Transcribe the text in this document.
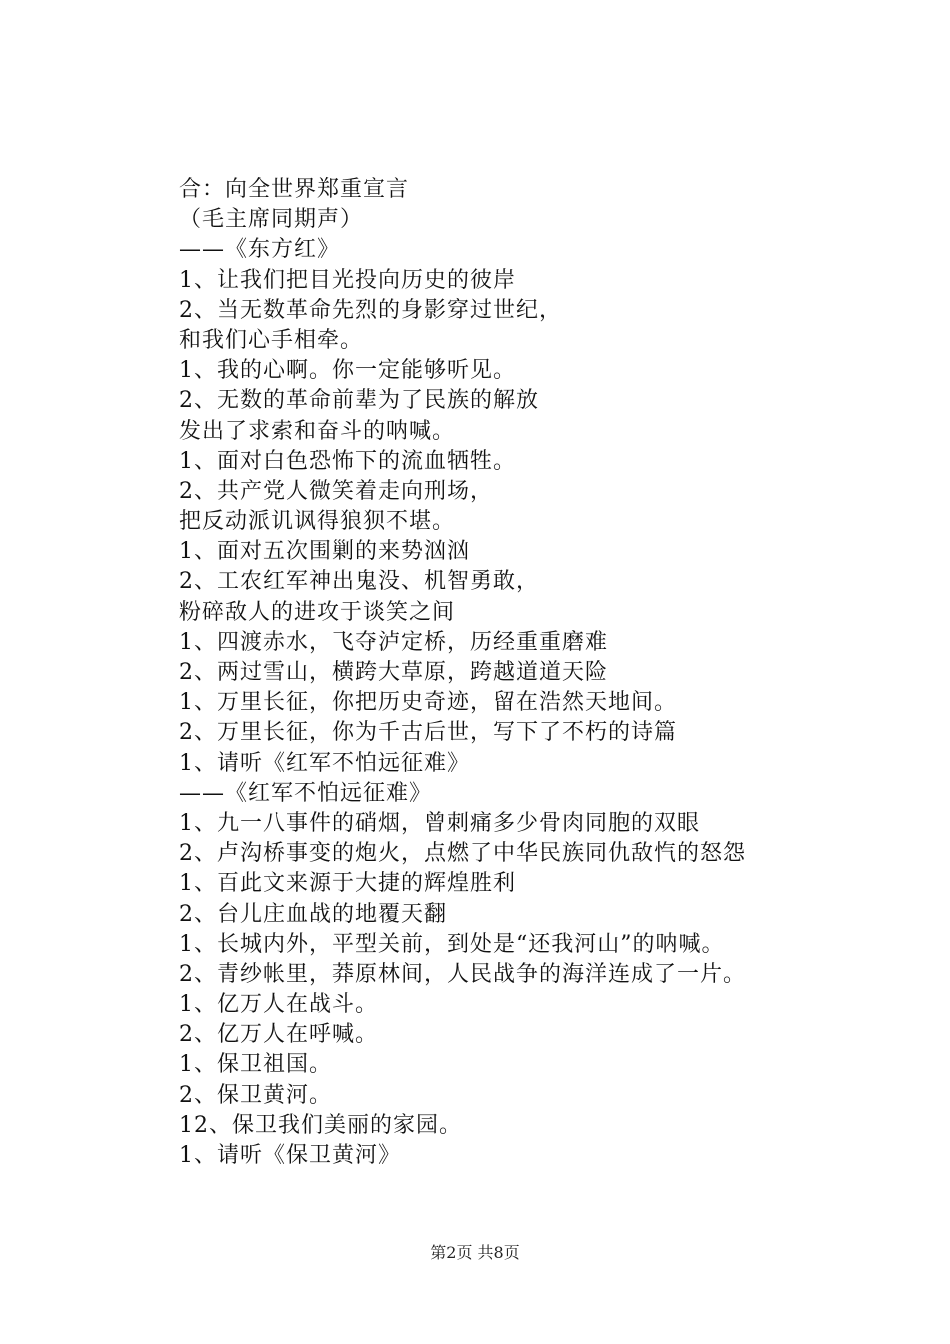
合：向全世界郑重宣言
（毛主席同期声）
——《东方红》
1、让我们把目光投向历史的彼岸
2、当无数革命先烈的身影穿过世纪，
和我们心手相牵。
1、我的心啊。你一定能够听见。
2、无数的革命前辈为了民族的解放
发出了求索和奋斗的呐喊。
1、面对白色恐怖下的流血牺牲。
2、共产党人微笑着走向刑场，
把反动派讥讽得狼狈不堪。
1、面对五次围剿的来势汹汹
2、工农红军神出鬼没、机智勇敢，
粉碎敌人的进攻于谈笑之间
1、四渡赤水，飞夺泸定桥，历经重重磨难
2、两过雪山，横跨大草原，跨越道道天险
1、万里长征，你把历史奇迹，留在浩然天地间。
2、万里长征，你为千古后世，写下了不朽的诗篇
1、请听《红军不怕远征难》
——《红军不怕远征难》
1、九一八事件的硝烟，曾刺痛多少骨肉同胞的双眼
2、卢沟桥事变的炮火，点燃了中华民族同仇敌忾的怒怨
1、百此文来源于大捷的辉煌胜利
2、台儿庄血战的地覆天翻
1、长城内外，平型关前，到处是“还我河山”的呐喊。
2、青纱帐里，莽原林间，人民战争的海洋连成了一片。
1、亿万人在战斗。
2、亿万人在呼喊。
1、保卫祖国。
2、保卫黄河。
12、保卫我们美丽的家园。
1、请听《保卫黄河》
第2页 共8页
